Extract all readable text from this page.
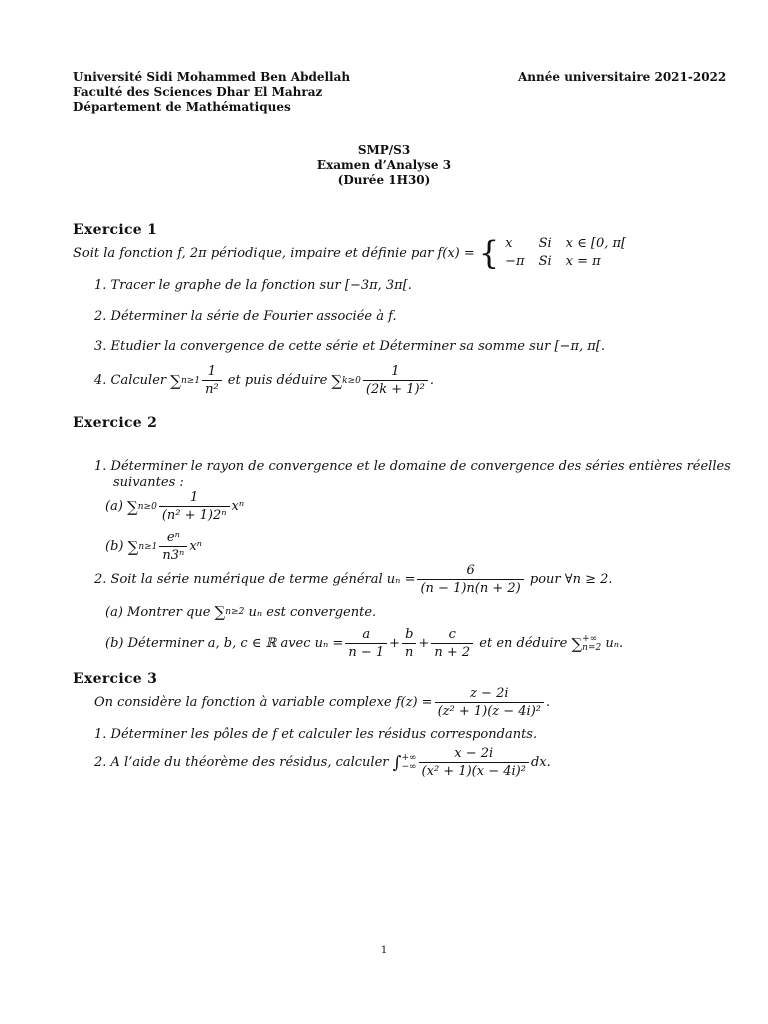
Université Sidi Mohammed Ben Abdellah
Faculté des Sciences Dhar El Mahraz
Département de Mathématiques
Année universitaire 2021-2022
SMP/S3
Examen d’Analyse 3
(Durée 1H30)
Exercice 1
Soit la fonction f, 2π périodique, impaire et définie par f(x) = { x	Si x ∈ [0, π[
−π Si x = π
1. Tracer le graphe de la fonction sur [−3π, 3π[.
2. Déterminer la série de Fourier associée à f.
3. Etudier la convergence de cette série et Déterminer sa somme sur [−π, π[.
4.
Calculer
∑ $n\ge 1 \frac{1}{\text{n²}}$
et puis déduire
∑ $k\ge 0 \frac{1}{\text{(2k + 1)²}}$ .
Exercice 2
1. Déterminer le rayon de convergence et le domaine de convergence des séries entières réelles
suivantes :
(a)
∑ $n\ge 0 \frac{1}{\text{(n² + 1)2ⁿ}}$ xⁿ
(b)
∑ $n\ge 1 \frac{\text{eⁿ}}{\text{n3ⁿ}}$ xⁿ
2. Soit la série numérique de terme général $u_n = \frac{6}{(n - 1)n(n + 2)}$
pour ∀n ≥ 2.
(a) Montrer que
∑ n≥2
uₙ est convergente.
(b) Déterminer a, b, c ∈ ℝ avec $u_n = \frac{a}{n - 1} + \frac{b}{n} + \frac{c}{n + 2}$
et en déduire
∑ +∞
n=2
uₙ.
Exercice 3
On considère la fonction à variable complexe $f(z) = \frac{z - 2i}{\text{(z² + 1)(z − 4i)²}}$ .
1. Déterminer les pôles de f et calculer les résidus correspondants.
2. A l’aide du théorème des résidus, calculer
∫ +∞
−∞ $\frac{x - 2i}{\text{(x² + 1)(x − 4i)²}}$ dx.
1
